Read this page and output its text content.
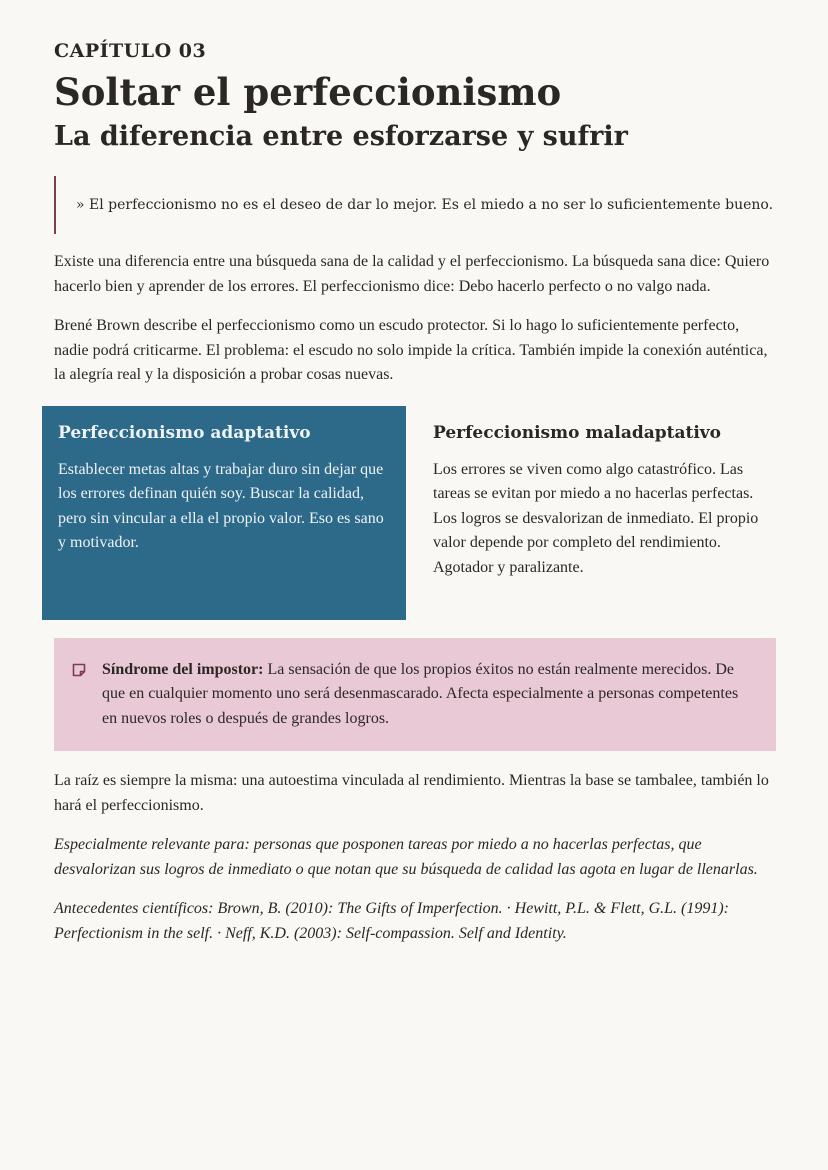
CAPÍTULO 03
Soltar el perfeccionismo
La diferencia entre esforzarse y sufrir
» El perfeccionismo no es el deseo de dar lo mejor. Es el miedo a no ser lo suficientemente bueno.

Existe una diferencia entre una búsqueda sana de la calidad y el perfeccionismo. La búsqueda sana dice: Quiero hacerlo bien y aprender de los errores. El perfeccionismo dice: Debo hacerlo perfecto o no valgo nada.

Brené Brown describe el perfeccionismo como un escudo protector. Si lo hago lo suficientemente perfecto, nadie podrá criticarme. El problema: el escudo no solo impide la crítica. También impide la conexión auténtica, la alegría real y la disposición a probar cosas nuevas.

Perfeccionismo adaptativo

Establecer metas altas y trabajar duro sin dejar que los errores definan quién soy. Buscar la calidad, pero sin vincular a ella el propio valor. Eso es sano y motivador.

Perfeccionismo maladaptativo

Los errores se viven como algo catastrófico. Las tareas se evitan por miedo a no hacerlas perfectas. Los logros se desvalorizan de inmediato. El propio valor depende por completo del rendimiento. Agotador y paralizante.

Síndrome del impostor: La sensación de que los propios éxitos no están realmente merecidos. De que en cualquier momento uno será desenmascarado. Afecta especialmente a personas competentes en nuevos roles o después de grandes logros.

La raíz es siempre la misma: una autoestima vinculada al rendimiento. Mientras la base se tambalee, también lo hará el perfeccionismo.

Especialmente relevante para: personas que posponen tareas por miedo a no hacerlas perfectas, que desvalorizan sus logros de inmediato o que notan que su búsqueda de calidad las agota en lugar de llenarlas.

Antecedentes científicos: Brown, B. (2010): The Gifts of Imperfection. · Hewitt, P.L. & Flett, G.L. (1991): Perfectionism in the self. · Neff, K.D. (2003): Self-compassion. Self and Identity.
